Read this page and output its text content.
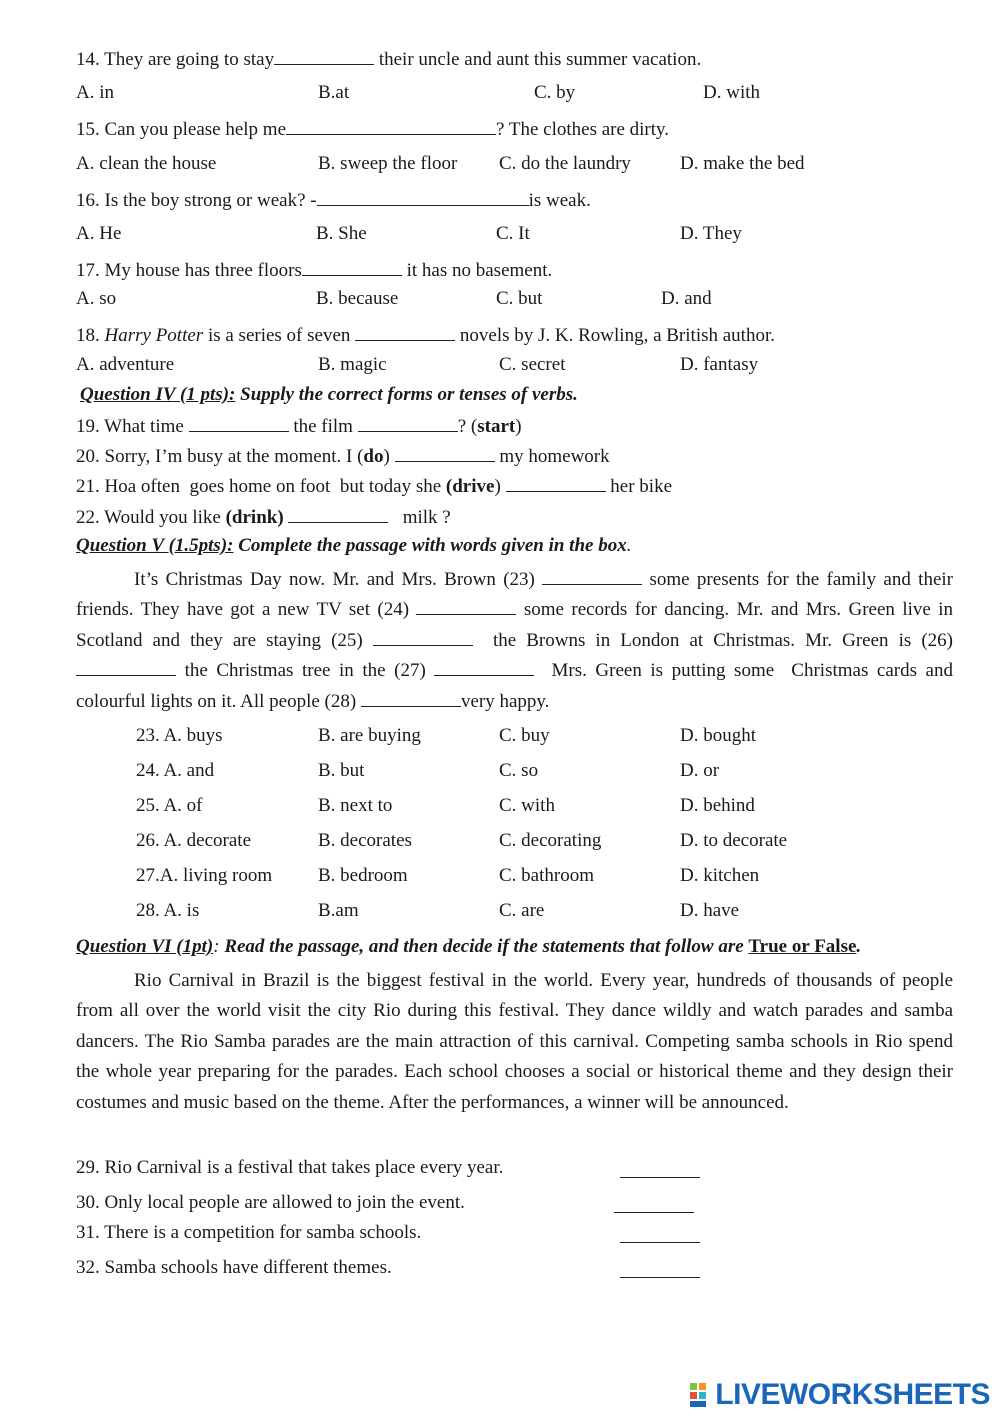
14. They are going to stay	their uncle and aunt this summer vacation.
A. in	B.at	C. by	D. with
15. Can you please help me	? The clothes are dirty.
A. clean the house	B. sweep the floor C. do the laundry	D. make the bed
16. Is the boy strong or weak? -	is weak.
A. He	B. She	C. It	D. They
17. My house has three floors	it has no basement.
A. so	B. because	C. but	D. and
18. Harry Potter is a series of seven	novels by J. K. Rowling, a British author.
A. adventure	B. magic	C. secret	D. fantasy
Question IV (1 pts): Supply the correct forms or tenses of verbs.
19. What time	the film	? (start)
20. Sorry, I’m busy at the moment. I (do)	my homework
21. Hoa often  goes home on foot  but today she (drive)	her bike
22. Would you like (drink)	milk ?
Question V (1.5pts): Complete the passage with words given in the box.

It’s Christmas Day now. Mr. and Mrs. Brown (23)	some presents for the family and their friends. They have got a new TV set (24)	some records for dancing. Mr. and Mrs. Green live in Scotland and they are staying (25)	the Browns in London at Christmas. Mr. Green is (26)  the Christmas tree in the (27)	Mrs. Green is putting some  Christmas cards and colourful lights on it. All people (28)	very happy.

23. A. buys	B. are buying	C. buy	D. bought
24. A. and	B. but	C. so	D. or
25. A. of	B. next to	C. with	D. behind
26. A. decorate	B. decorates	C. decorating	D. to decorate
27.A. living room B. bedroom	C. bathroom	D. kitchen
28. A. is	B.am	C. are	D. have
Question VI (1pt): Read the passage, and then decide if the statements that follow are True or False.

Rio Carnival in Brazil is the biggest festival in the world. Every year, hundreds of thousands of people from all over the world visit the city Rio during this festival. They dance wildly and watch parades and samba dancers. The Rio Samba parades are the main attraction of this carnival. Competing samba schools in Rio spend the whole year preparing for the parades. Each school chooses a social or historical theme and they design their costumes and music based on the theme. After the performances, a winner will be announced.

29. Rio Carnival is a festival that takes place every year.
30. Only local people are allowed to join the event.
31. There is a competition for samba schools.
32. Samba schools have different themes.
LIVEWORKSHEETS
